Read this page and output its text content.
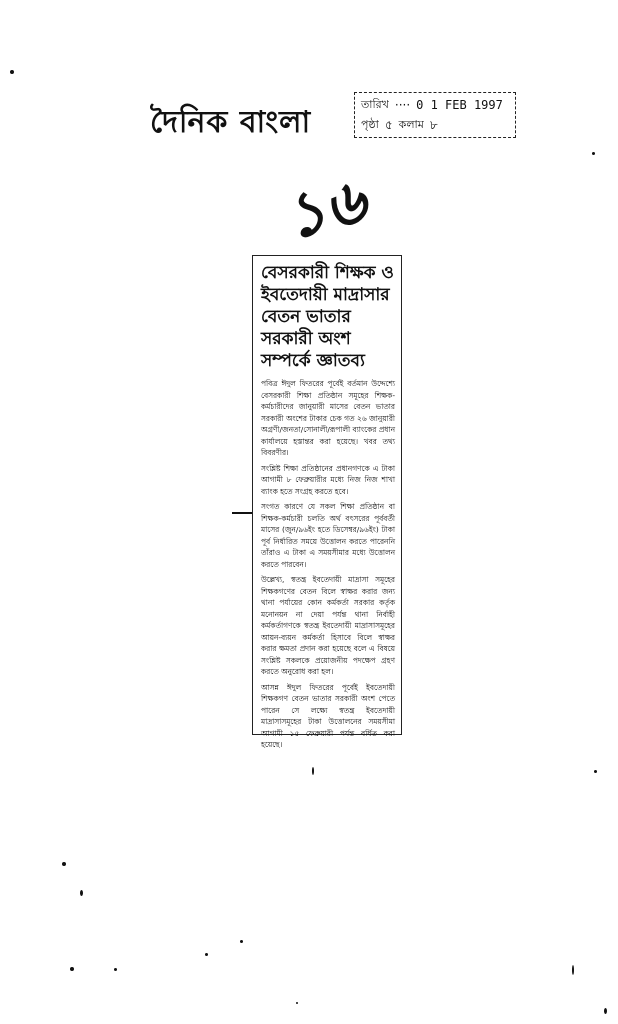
দৈনিক বাংলা
তারিখ ···· 0 1 FEB 1997
পৃষ্ঠা ৫ কলাম ৮
১৬
বেসরকারী শিক্ষক ও ইবতেদায়ী মাদ্রাসার বেতন ভাতার সরকারী অংশ সম্পর্কে জ্ঞাতব্য

পবিত্র ঈদুল ফিতরের পূর্বেই বর্তমান উদ্দেশ্যে বেসরকারী শিক্ষা প্রতিষ্ঠান সমূহের শিক্ষক-কর্মচারীদের জানুয়ারী মাসের বেতন ভাতার সরকারী অংশের টাকার চেক গত ২৬ জানুয়ারী অগ্রণী/জনতা/সোনালী/রূপালী ব্যাংকের প্রধান কার্যালয়ে হস্তান্তর করা হয়েছে। খবর তথ্য বিবরণীর।

সংশ্লিষ্ট শিক্ষা প্রতিষ্ঠানের প্রধানগণকে এ টাকা আগামী ৮ ফেব্রুয়ারীর মধ্যে নিজ নিজ শাখা ব্যাংক হতে সংগ্রহ করতে হবে।

সংগত কারণে যে সকল শিক্ষা প্রতিষ্ঠান বা শিক্ষক-কর্মচারী চলতি অর্থ বৎসরের পূর্ববর্তী মাসের (জুন/৯৬ইং হতে ডিসেম্বর/৯৬ইং) টাকা পূর্ব নির্ধারিত সময়ে উত্তোলন করতে পারেননি তাঁরাও এ টাকা এ সময়সীমার মধ্যে উত্তোলন করতে পারবেন।

উল্লেখ্য, স্বতন্ত্র ইবতেদায়ী মাদ্রাসা সমূহের শিক্ষকগণের বেতন বিলে স্বাক্ষর করার জন্য থানা পর্যায়ের কোন কর্মকর্তা সরকার কর্তৃক মনোনয়ন না দেয়া পর্যন্ত থানা নির্বাহী কর্মকর্তাগণকে স্বতন্ত্র ইবতেদায়ী মাদ্রাসাসমূহের আয়ন-ব্যয়ন কর্মকর্তা হিসাবে বিলে স্বাক্ষর করার ক্ষমতা প্রদান করা হয়েছে বলে এ বিষয়ে সংশ্লিষ্ট সকলকে প্রয়োজনীয় পদক্ষেপ গ্রহণ করতে অনুরোধ করা হল।

আসন্ন ঈদুল ফিতরের পূর্বেই ইবতেদায়ী শিক্ষকগণ বেতন ভাতার সরকারী অংশ পেতে পারেন সে লক্ষ্যে স্বতন্ত্র ইবতেদায়ী মাদ্রাসাসমূহের টাকা উত্তোলনের সময়সীমা আগামী ১৫ ফেব্রুয়ারী পর্যন্ত বর্ধিত করা হয়েছে।
